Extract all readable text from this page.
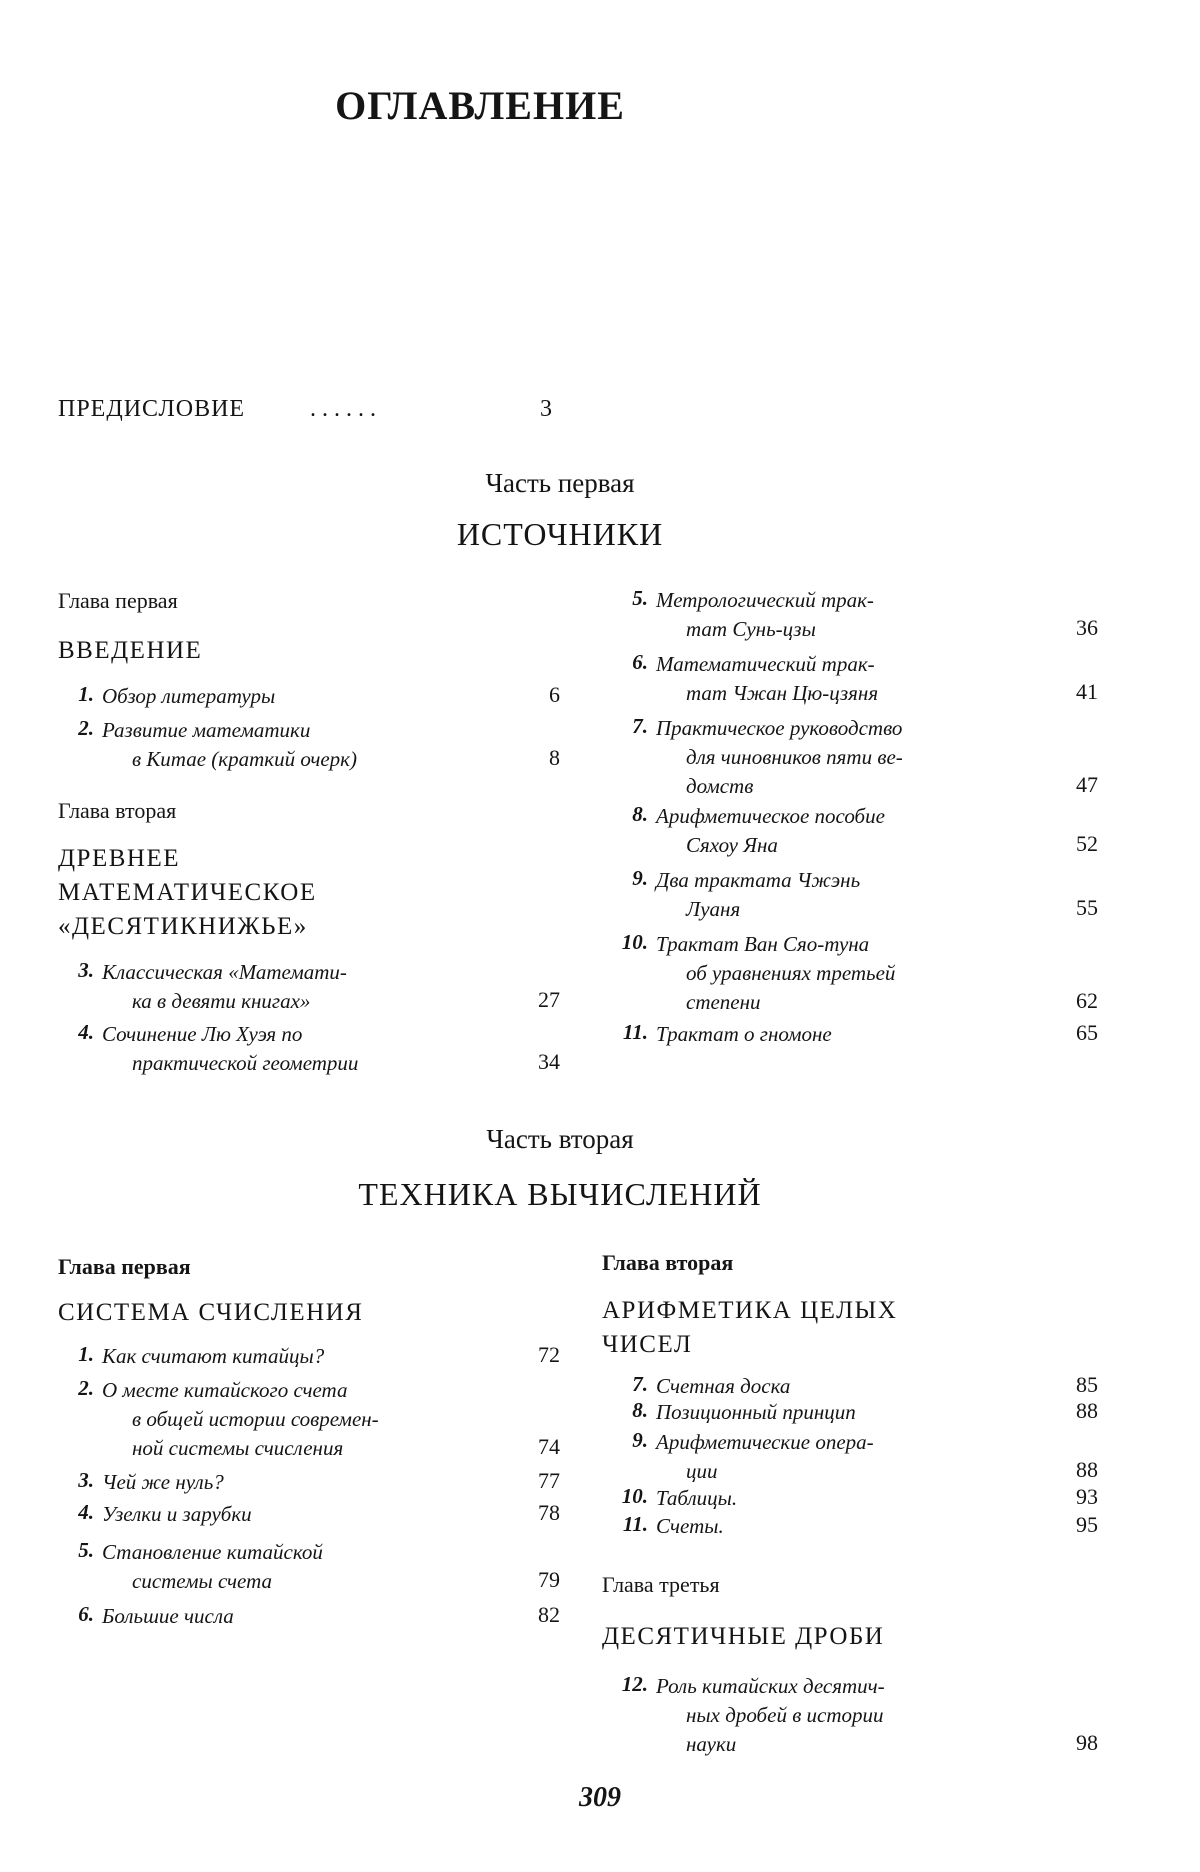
ОГЛАВЛЕНИЕ
ПРЕДИСЛОВИЕ	......	3
Часть первая
ИСТОЧНИКИ
Глава первая
ВВЕДЕНИЕ
1. Обзор литературы	6
2. Развитие математики
в Китае (краткий очерк)	8
Глава вторая
ДРЕВНЕЕ
МАТЕМАТИЧЕСКОЕ
«ДЕСЯТИКНИЖЬЕ»
3. Классическая «Математи-
ка в девяти книгах»	27
4. Сочинение Лю Хуэя по
практической геометрии	34
5. Метрологический трак-
тат Сунь-цзы	36
6. Математический трак-
тат Чжан Цю-цзяня	41
7. Практическое руководство
для чиновников пяти ве-
домств	47
8. Арифметическое пособие
Сяхоу Яна	52
9. Два трактата Чжэнь
Луаня	55
10. Трактат Ван Сяо-туна
об уравнениях третьей
степени	62
11. Трактат о гномоне	65
Часть вторая
ТЕХНИКА ВЫЧИСЛЕНИЙ
Глава первая
СИСТЕМА СЧИСЛЕНИЯ
1. Как считают китайцы?	72
2. О месте китайского счета
в общей истории современ-
ной системы счисления	74
3. Чей же нуль?	77
4. Узелки и зарубки	78
5. Становление китайской
системы счета	79
6. Большие числа	82
Глава вторая
АРИФМЕТИКА ЦЕЛЫХ
ЧИСЕЛ
7. Счетная доска	85
8. Позиционный принцип	88
9. Арифметические опера-
ции	88
10. Таблицы.	93
11. Счеты.	95
Глава третья
ДЕСЯТИЧНЫЕ ДРОБИ
12. Роль китайских десятич-
ных дробей в истории
науки	98
309
